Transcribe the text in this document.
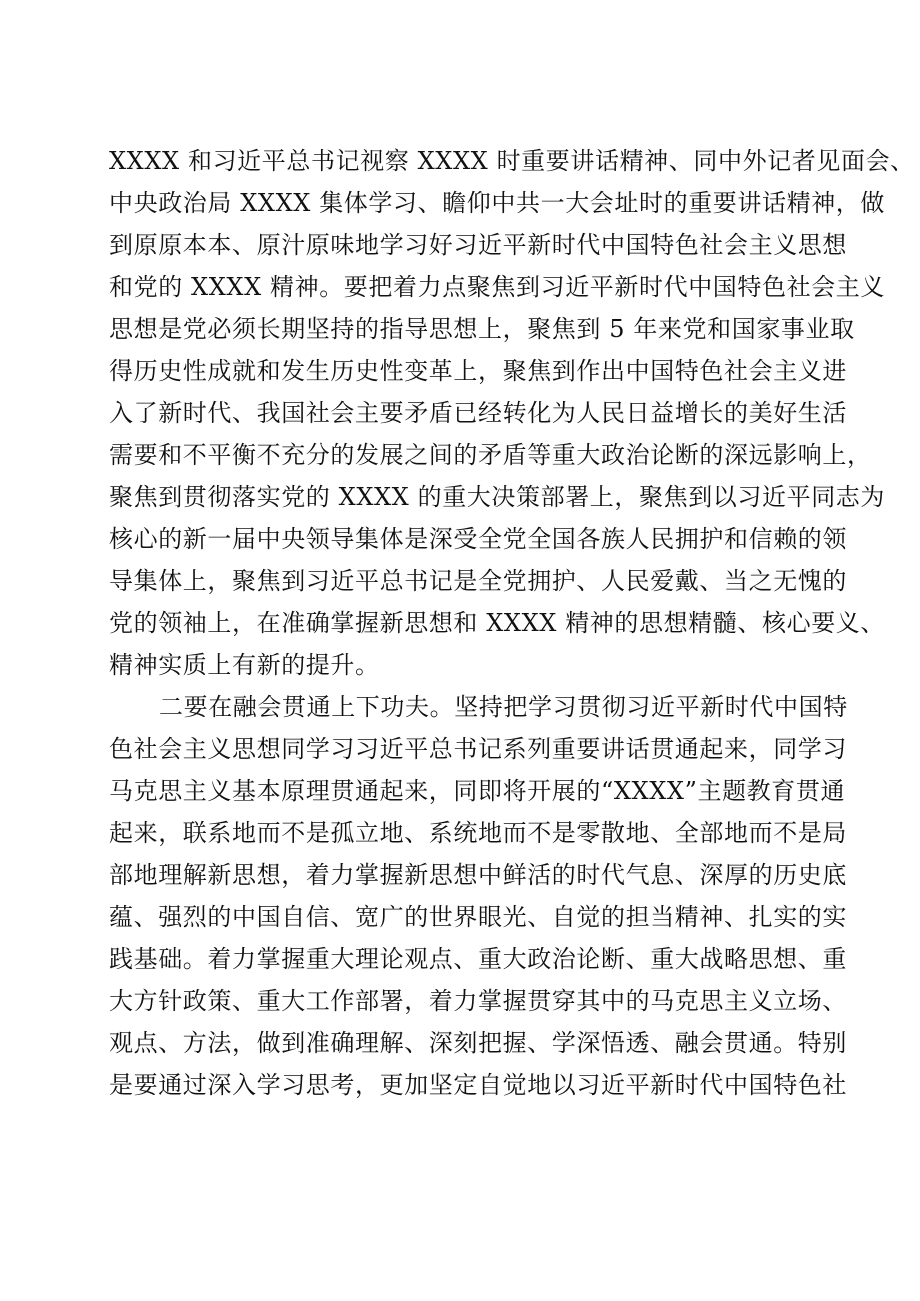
XXXX 和习近平总书记视察 XXXX 时重要讲话精神、同中外记者见面会、
中央政治局 XXXX 集体学习、瞻仰中共一大会址时的重要讲话精神，做
到原原本本、原汁原味地学习好习近平新时代中国特色社会主义思想
和党的 XXXX 精神。要把着力点聚焦到习近平新时代中国特色社会主义
思想是党必须长期坚持的指导思想上，聚焦到 5 年来党和国家事业取
得历史性成就和发生历史性变革上，聚焦到作出中国特色社会主义进
入了新时代、我国社会主要矛盾已经转化为人民日益增长的美好生活
需要和不平衡不充分的发展之间的矛盾等重大政治论断的深远影响上，
聚焦到贯彻落实党的 XXXX 的重大决策部署上，聚焦到以习近平同志为
核心的新一届中央领导集体是深受全党全国各族人民拥护和信赖的领
导集体上，聚焦到习近平总书记是全党拥护、人民爱戴、当之无愧的
党的领袖上，在准确掌握新思想和 XXXX 精神的思想精髓、核心要义、
精神实质上有新的提升。
二要在融会贯通上下功夫。坚持把学习贯彻习近平新时代中国特
色社会主义思想同学习习近平总书记系列重要讲话贯通起来，同学习
马克思主义基本原理贯通起来，同即将开展的“XXXX”主题教育贯通
起来，联系地而不是孤立地、系统地而不是零散地、全部地而不是局
部地理解新思想，着力掌握新思想中鲜活的时代气息、深厚的历史底
蕴、强烈的中国自信、宽广的世界眼光、自觉的担当精神、扎实的实
践基础。着力掌握重大理论观点、重大政治论断、重大战略思想、重
大方针政策、重大工作部署，着力掌握贯穿其中的马克思主义立场、
观点、方法，做到准确理解、深刻把握、学深悟透、融会贯通。特别
是要通过深入学习思考，更加坚定自觉地以习近平新时代中国特色社
